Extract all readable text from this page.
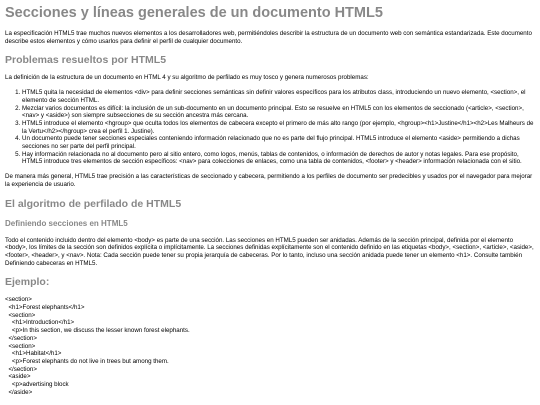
Secciones y líneas generales de un documento HTML5

La especificación HTML5 trae muchos nuevos elementos a los desarrolladores web, permitiéndoles describir la estructura de un documento web con semántica estandarizada. Este documento describe estos elementos y cómo usarlos para definir el perfil de cualquier documento.

Problemas resueltos por HTML5

La definición de la estructura de un documento en HTML 4 y su algoritmo de perfilado es muy tosco y genera numerosos problemas:

1. HTML5 quita la necesidad de elementos <div> para definir secciones semánticas sin definir valores específicos para los atributos class, introduciendo un nuevo elemento, <section>, el elemento de sección HTML.
2. Mezclar varios documentos es difícil: la inclusión de un sub-documento en un documento principal. Esto se resuelve en HTML5 con los elementos de seccionado (<article>, <section>, <nav> y <aside>) son siempre subsecciones de su sección ancestra más cercana.
3. HTML5 introduce el elemento <hgroup> que oculta todos los elementos de cabecera excepto el primero de más alto rango (por ejemplo, <hgroup><h1>Justine</h1><h2>Les Malheurs de la Vertu</h2></hgroup> crea el perfil 1. Justine).
4. Un documento puede tener secciones especiales conteniendo información relacionado que no es parte del flujo principal. HTML5 introduce el elemento <aside> permitiendo a dichas secciones no ser parte del perfil principal.
5. Hay información relacionada no al documento pero al sitio entero, como logos, menús, tablas de contenidos, o información de derechos de autor y notas legales. Para ese propósito, HTML5 introduce tres elementos de sección específicos: <nav> para colecciones de enlaces, como una tabla de contenidos, <footer> y <header> información relacionada con el sitio.

De manera más general, HTML5 trae precisión a las características de seccionado y cabecera, permitiendo a los perfiles de documento ser predecibles y usados por el navegador para mejorar la experiencia de usuario.

El algoritmo de perfilado de HTML5
Definiendo secciones en HTML5

Todo el contenido incluido dentro del elemento <body> es parte de una sección. Las secciones en HTML5 pueden ser anidadas. Además de la sección principal, definida por el elemento <body>, los límites de la sección son definidos explícita o implícitamente. La secciones definidas explícitamente son el contenido definido en las etiquetas <body>, <section>, <article>, <aside>, <footer>, <header>, y <nav>. Nota: Cada sección puede tener su propia jerarquía de cabeceras. Por lo tanto, incluso una sección anidada puede tener un elemento <h1>. Consulte también Definiendo cabeceras en HTML5.

Ejemplo:
<section>
<h1>Forest elephants</h1>
<section>
<h1>Introduction</h1>
<p>In this section, we discuss the lesser known forest elephants.
</section>
<section>
<h1>Habitat</h1>
<p>Forest elephants do not live in trees but among them.
</section>
<aside>
<p>advertising block
</aside>
